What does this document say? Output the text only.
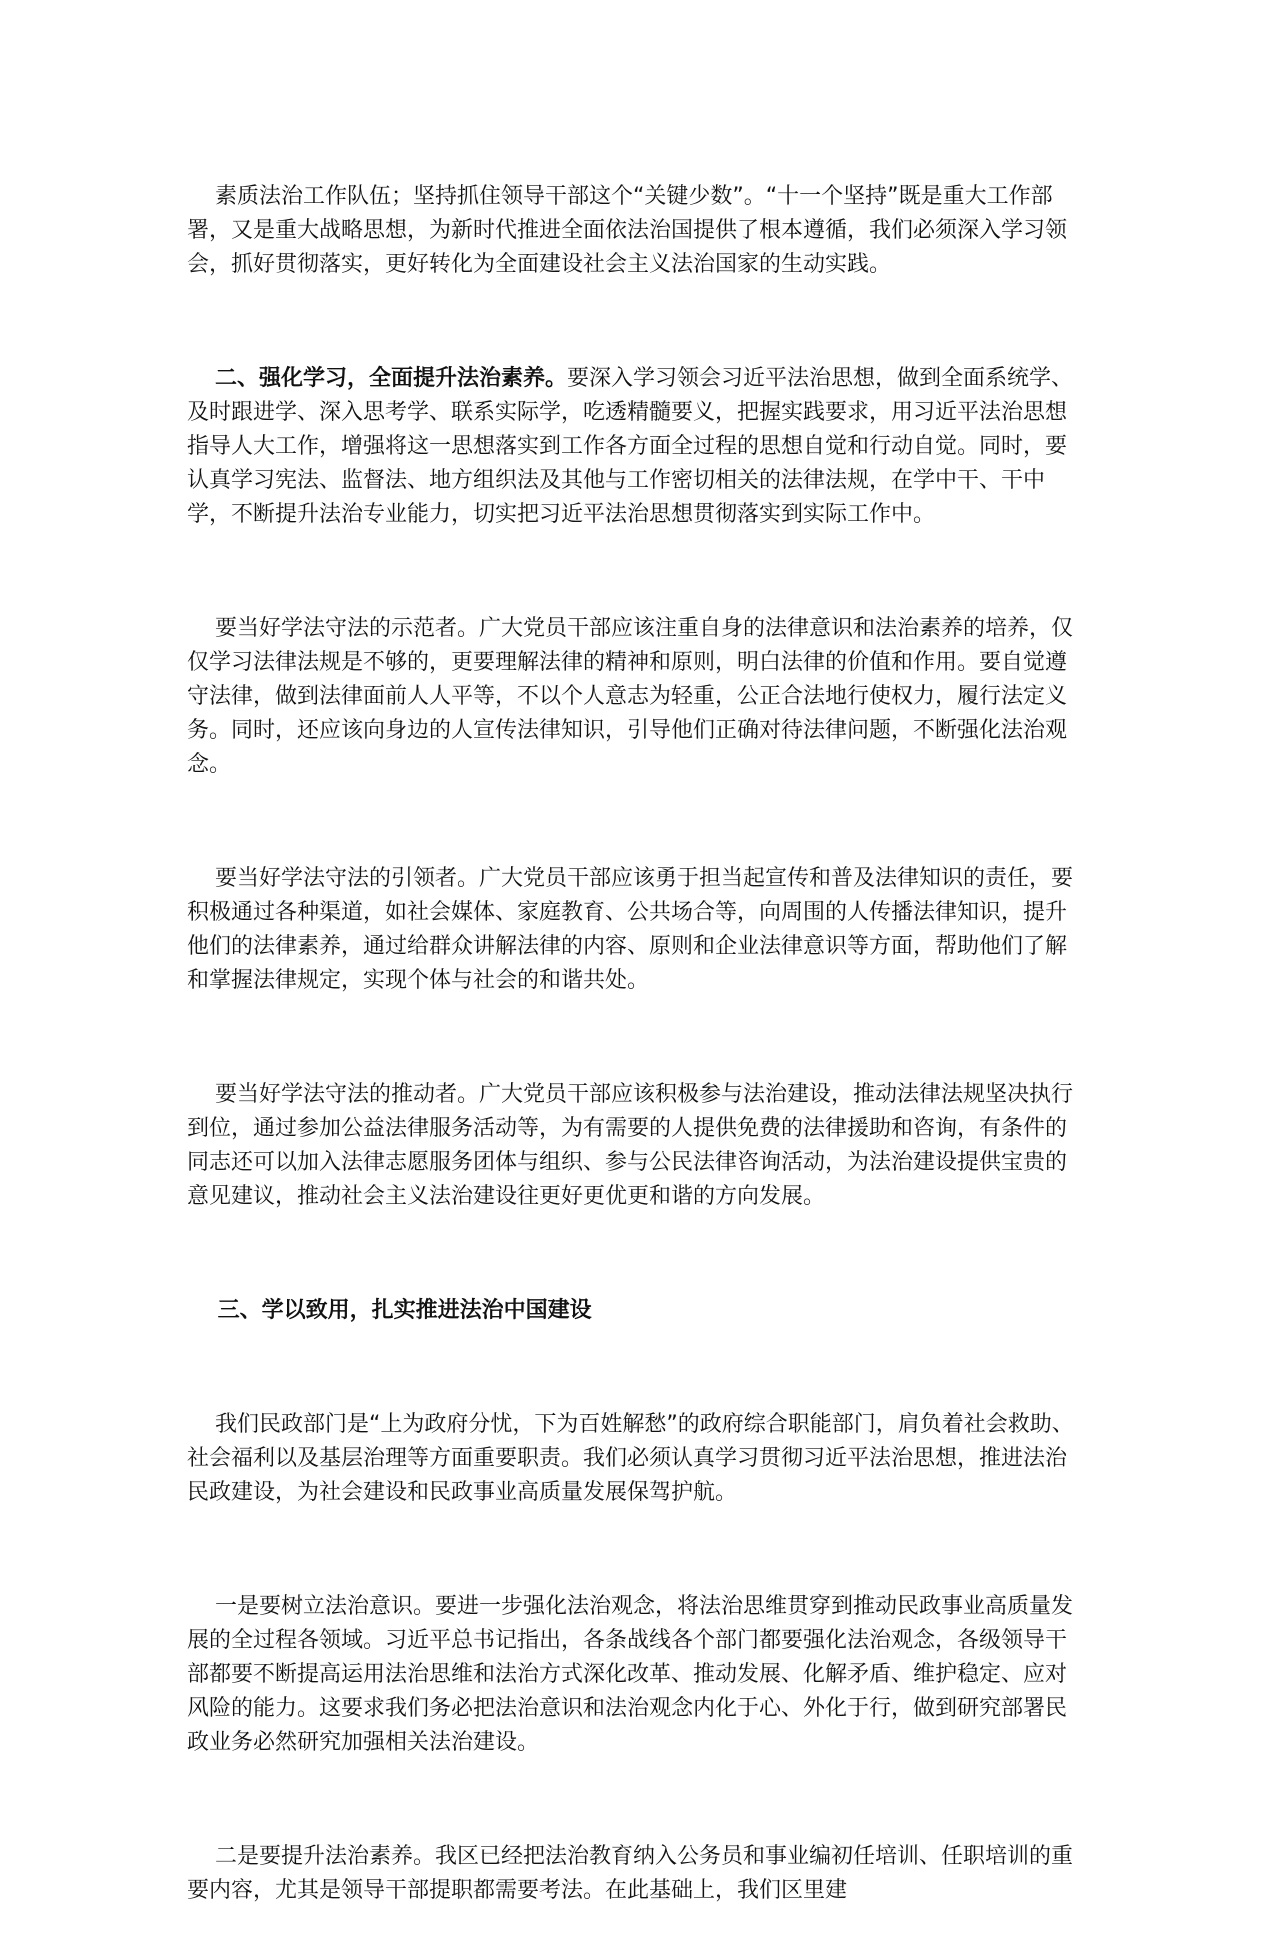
素质法治工作队伍；坚持抓住领导干部这个“关键少数”。“十一个坚持”既是重大工作部署，又是重大战略思想，为新时代推进全面依法治国提供了根本遵循，我们必须深入学习领会，抓好贯彻落实，更好转化为全面建设社会主义法治国家的生动实践。

二、强化学习，全面提升法治素养。要深入学习领会习近平法治思想，做到全面系统学、及时跟进学、深入思考学、联系实际学，吃透精髓要义，把握实践要求，用习近平法治思想指导人大工作，增强将这一思想落实到工作各方面全过程的思想自觉和行动自觉。同时，要认真学习宪法、监督法、地方组织法及其他与工作密切相关的法律法规，在学中干、干中学，不断提升法治专业能力，切实把习近平法治思想贯彻落实到实际工作中。

要当好学法守法的示范者。广大党员干部应该注重自身的法律意识和法治素养的培养，仅仅学习法律法规是不够的，更要理解法律的精神和原则，明白法律的价值和作用。要自觉遵守法律，做到法律面前人人平等，不以个人意志为轻重，公正合法地行使权力，履行法定义务。同时，还应该向身边的人宣传法律知识，引导他们正确对待法律问题，不断强化法治观念。

要当好学法守法的引领者。广大党员干部应该勇于担当起宣传和普及法律知识的责任，要积极通过各种渠道，如社会媒体、家庭教育、公共场合等，向周围的人传播法律知识，提升他们的法律素养，通过给群众讲解法律的内容、原则和企业法律意识等方面，帮助他们了解和掌握法律规定，实现个体与社会的和谐共处。

要当好学法守法的推动者。广大党员干部应该积极参与法治建设，推动法律法规坚决执行到位，通过参加公益法律服务活动等，为有需要的人提供免费的法律援助和咨询，有条件的同志还可以加入法律志愿服务团体与组织、参与公民法律咨询活动，为法治建设提供宝贵的意见建议，推动社会主义法治建设往更好更优更和谐的方向发展。

三、学以致用，扎实推进法治中国建设

我们民政部门是“上为政府分忧，下为百姓解愁”的政府综合职能部门，肩负着社会救助、社会福利以及基层治理等方面重要职责。我们必须认真学习贯彻习近平法治思想，推进法治民政建设，为社会建设和民政事业高质量发展保驾护航。

一是要树立法治意识。要进一步强化法治观念，将法治思维贯穿到推动民政事业高质量发展的全过程各领域。习近平总书记指出，各条战线各个部门都要强化法治观念，各级领导干部都要不断提高运用法治思维和法治方式深化改革、推动发展、化解矛盾、维护稳定、应对风险的能力。这要求我们务必把法治意识和法治观念内化于心、外化于行，做到研究部署民政业务必然研究加强相关法治建设。

二是要提升法治素养。我区已经把法治教育纳入公务员和事业编初任培训、任职培训的重要内容，尤其是领导干部提职都需要考法。在此基础上，我们区里建
